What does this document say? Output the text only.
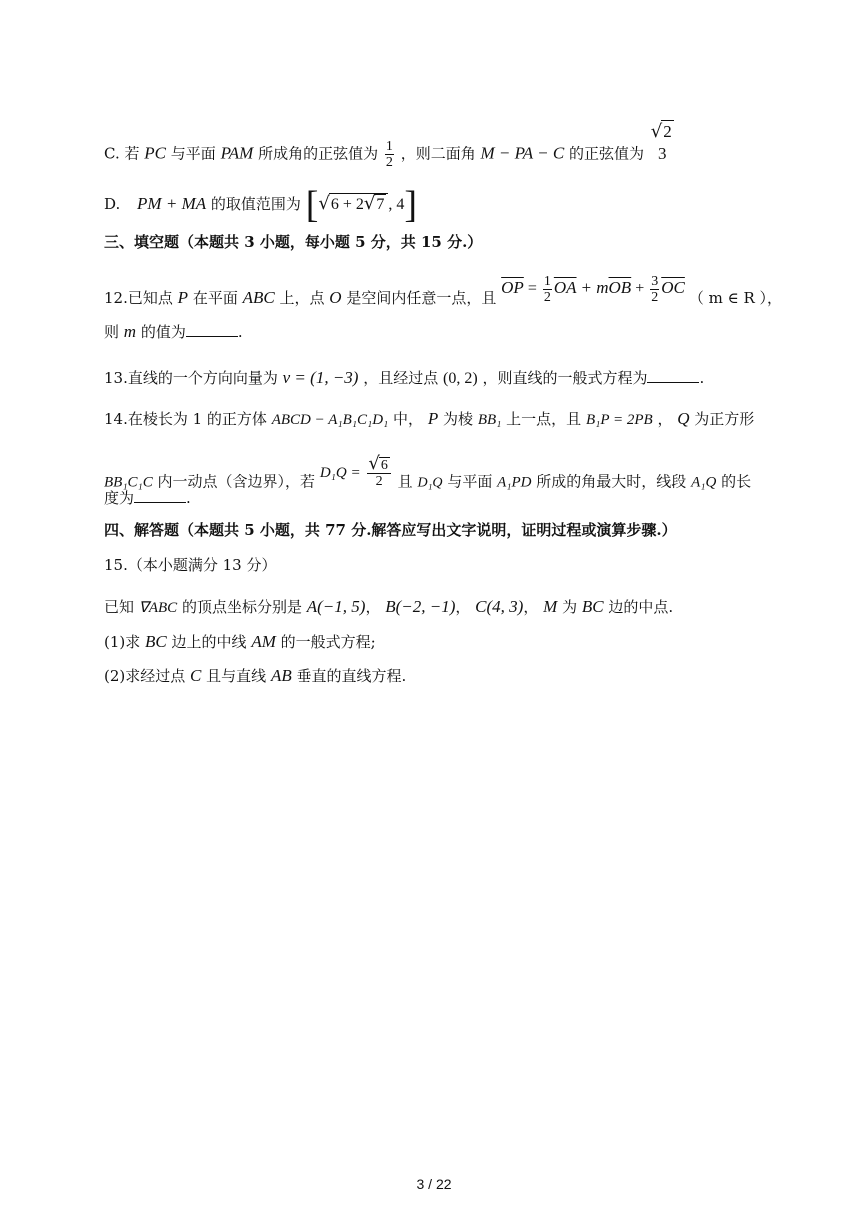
C. 若 PC 与平面 PAM 所成角的正弦值为 $\frac{1}{2}$ ，则二面角 M − PA − C 的正弦值为
√2
3
D. PM + MA 的取值范围为 [√6 + 2√7 , 4]
三、填空题（本题共 3 小题，每小题 5 分，共 15 分.）
12.已知点 P 在平面 ABC 上，点 O 是空间内任意一点，且 $\overline{OP} = \frac{1}{2} \overline{OA} + m\overline{OB} + \frac{3}{2} \overline{OC}$ （ m ∈ R ），
则 m 的值为	.
13.直线的一个方向向量为 v = (1, −3) ，且经过点 (0, 2) ，则直线的一般式方程为	.
14.在棱长为 1 的正方体 ABCD − A₁B₁C₁D₁ 中， P 为棱 BB₁ 上一点，且 B₁P = 2PB ， Q 为正方形
BB₁C₁C 内一动点（含边界），若 $D_1Q = \frac{√6}{2}$ 且 D₁Q 与平面 A₁PD 所成的角最大时，线段 A₁Q 的长
度为	.
四、解答题（本题共 5 小题，共 77 分.解答应写出文字说明，证明过程或演算步骤.）
15.（本小题满分 13 分）
已知 ∇ABC 的顶点坐标分别是 A(−1, 5)， B(−2, −1)， C(4, 3)， M 为 BC 边的中点.
(1)求 BC 边上的中线 AM 的一般式方程;
(2)求经过点 C 且与直线 AB 垂直的直线方程.
3 / 22
